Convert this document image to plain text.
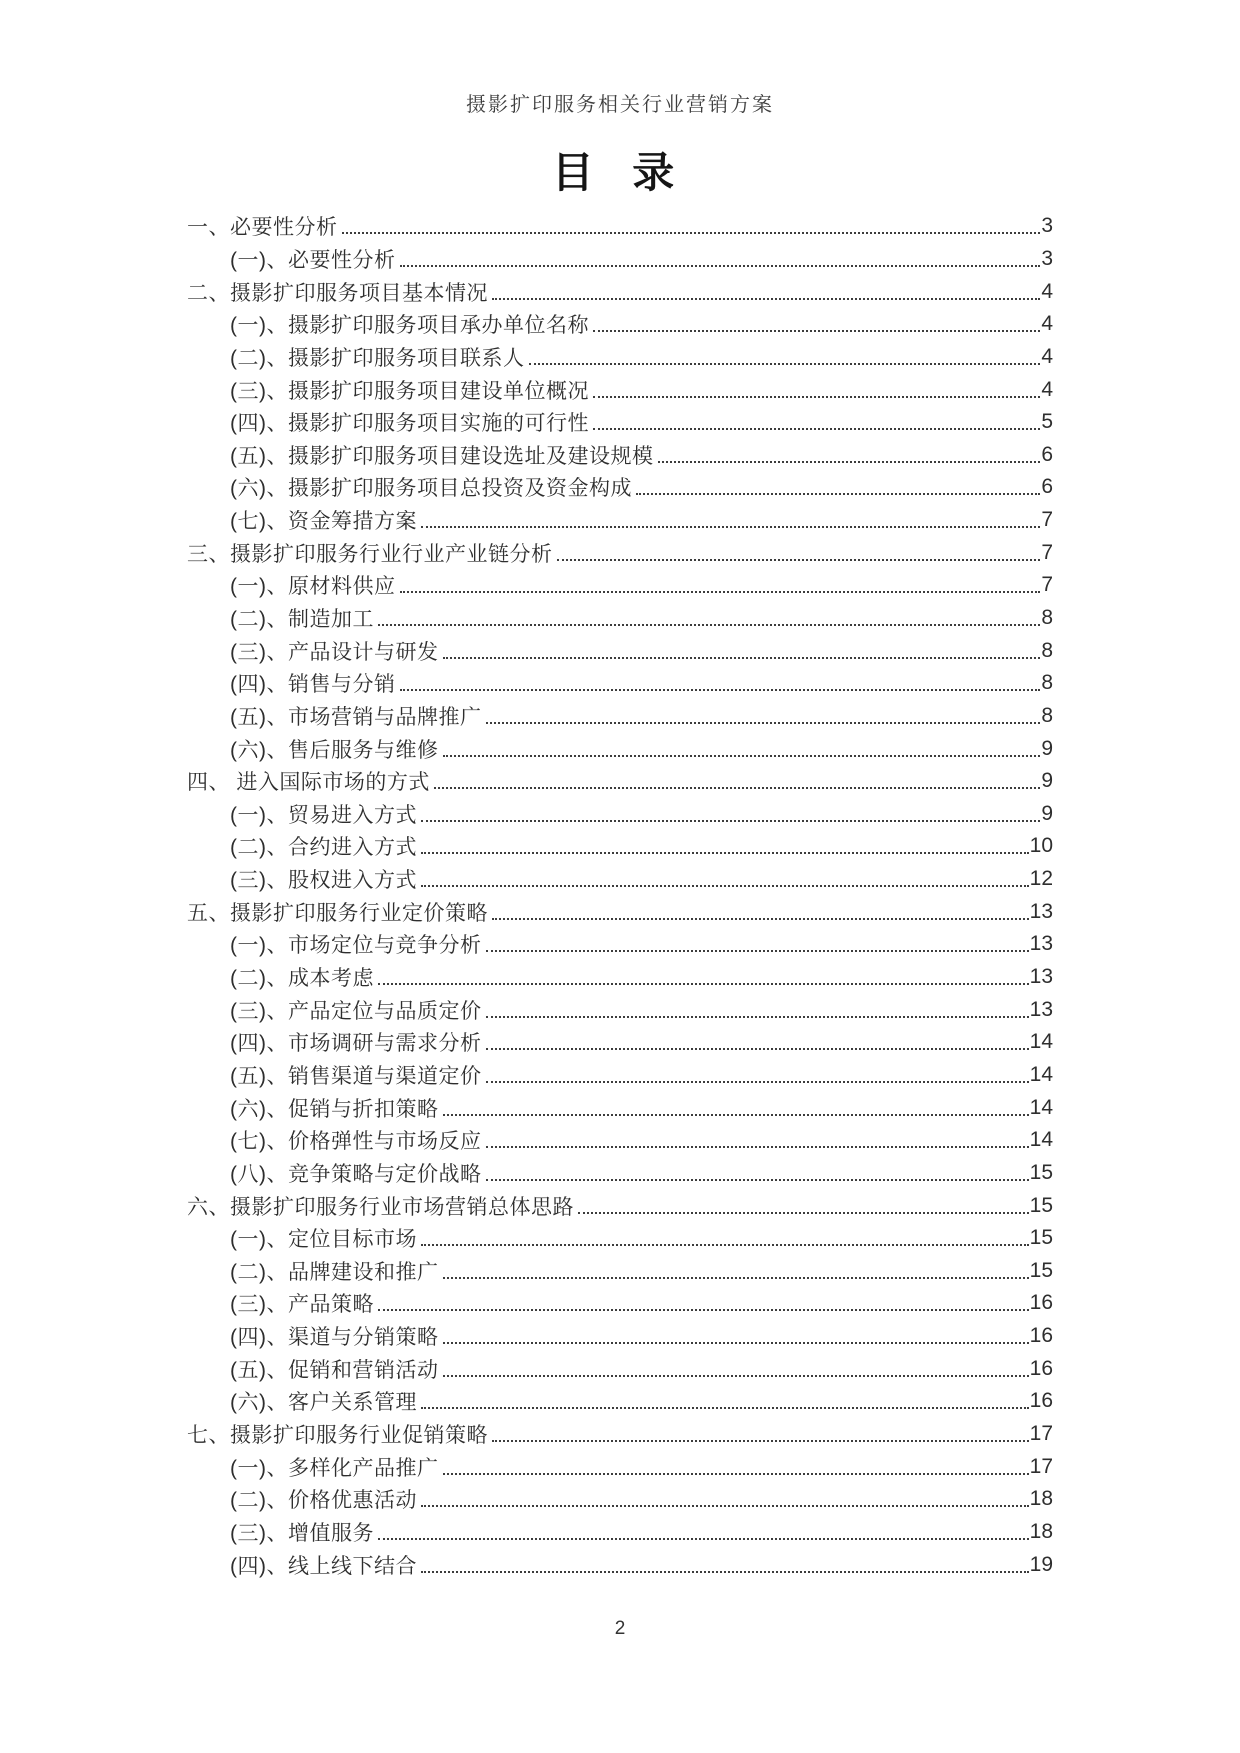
摄影扩印服务相关行业营销方案
目 录
一、必要性分析	3
(一)、必要性分析	3
二、摄影扩印服务项目基本情况	4
(一)、摄影扩印服务项目承办单位名称	4
(二)、摄影扩印服务项目联系人	4
(三)、摄影扩印服务项目建设单位概况	4
(四)、摄影扩印服务项目实施的可行性	5
(五)、摄影扩印服务项目建设选址及建设规模	6
(六)、摄影扩印服务项目总投资及资金构成	6
(七)、资金筹措方案	7
三、摄影扩印服务行业行业产业链分析	7
(一)、原材料供应	7
(二)、制造加工	8
(三)、产品设计与研发	8
(四)、销售与分销	8
(五)、市场营销与品牌推广	8
(六)、售后服务与维修	9
四、 进入国际市场的方式	9
(一)、贸易进入方式	9
(二)、合约进入方式	10
(三)、股权进入方式	12
五、摄影扩印服务行业定价策略	13
(一)、市场定位与竞争分析	13
(二)、成本考虑	13
(三)、产品定位与品质定价	13
(四)、市场调研与需求分析	14
(五)、销售渠道与渠道定价	14
(六)、促销与折扣策略	14
(七)、价格弹性与市场反应	14
(八)、竞争策略与定价战略	15
六、摄影扩印服务行业市场营销总体思路	15
(一)、定位目标市场	15
(二)、品牌建设和推广	15
(三)、产品策略	16
(四)、渠道与分销策略	16
(五)、促销和营销活动	16
(六)、客户关系管理	16
七、摄影扩印服务行业促销策略	17
(一)、多样化产品推广	17
(二)、价格优惠活动	18
(三)、增值服务	18
(四)、线上线下结合	19
2
